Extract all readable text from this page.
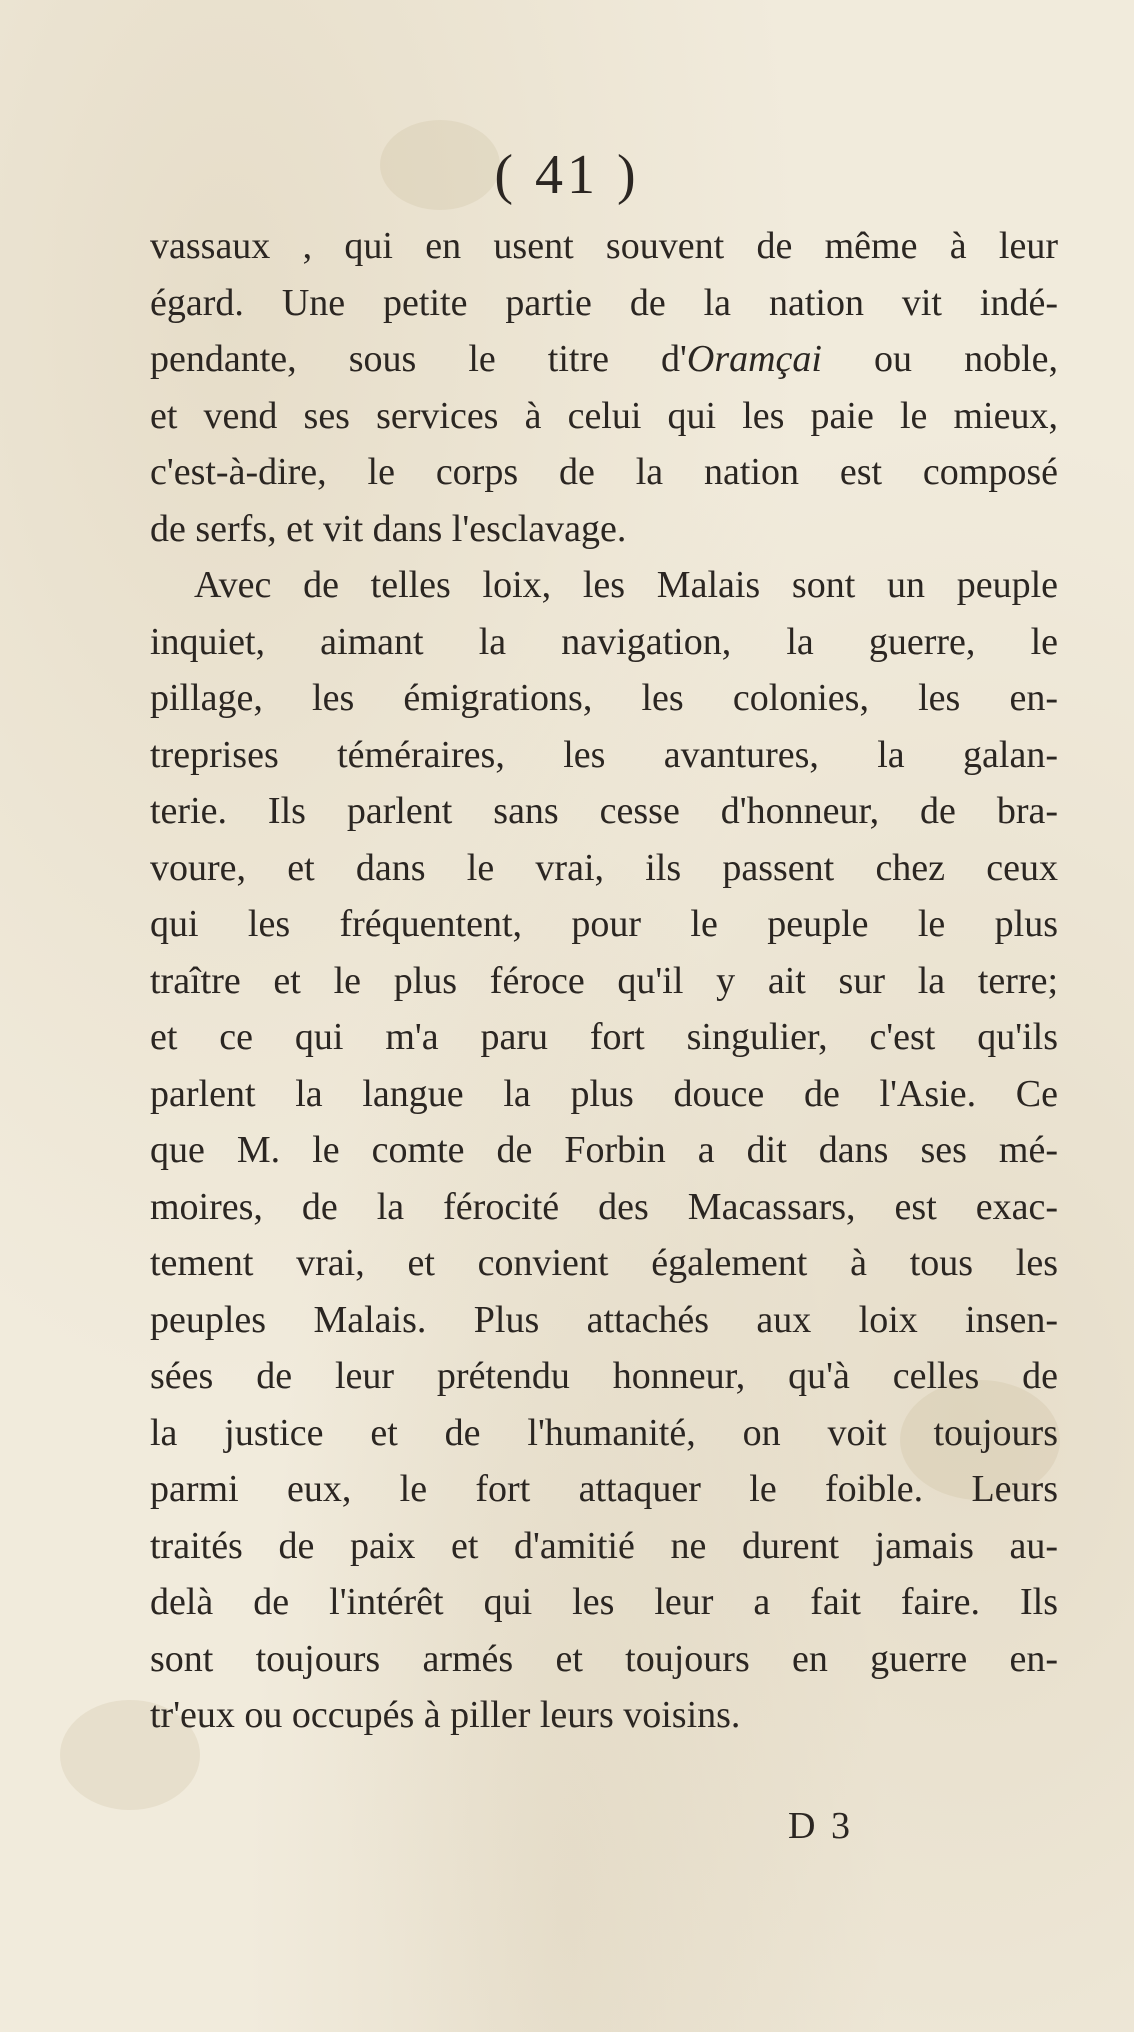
( 41 )
vassaux , qui en usent souvent de même à leur
égard. Une petite partie de la nation vit indé-
pendante, sous le titre d'Oramçai ou noble,
et vend ses services à celui qui les paie le mieux,
c'est-à-dire, le corps de la nation est composé
de serfs, et vit dans l'esclavage.
Avec de telles loix, les Malais sont un peuple
inquiet, aimant la navigation, la guerre, le
pillage, les émigrations, les colonies, les en-
treprises téméraires, les avantures, la galan-
terie. Ils parlent sans cesse d'honneur, de bra-
voure, et dans le vrai, ils passent chez ceux
qui les fréquentent, pour le peuple le plus
traître et le plus féroce qu'il y ait sur la terre;
et ce qui m'a paru fort singulier, c'est qu'ils
parlent la langue la plus douce de l'Asie. Ce
que M. le comte de Forbin a dit dans ses mé-
moires, de la férocité des Macassars, est exac-
tement vrai, et convient également à tous les
peuples Malais. Plus attachés aux loix insen-
sées de leur prétendu honneur, qu'à celles de
la justice et de l'humanité, on voit toujours
parmi eux, le fort attaquer le foible. Leurs
traités de paix et d'amitié ne durent jamais au-
delà de l'intérêt qui les leur a fait faire. Ils
sont toujours armés et toujours en guerre en-
tr'eux ou occupés à piller leurs voisins.
D 3
